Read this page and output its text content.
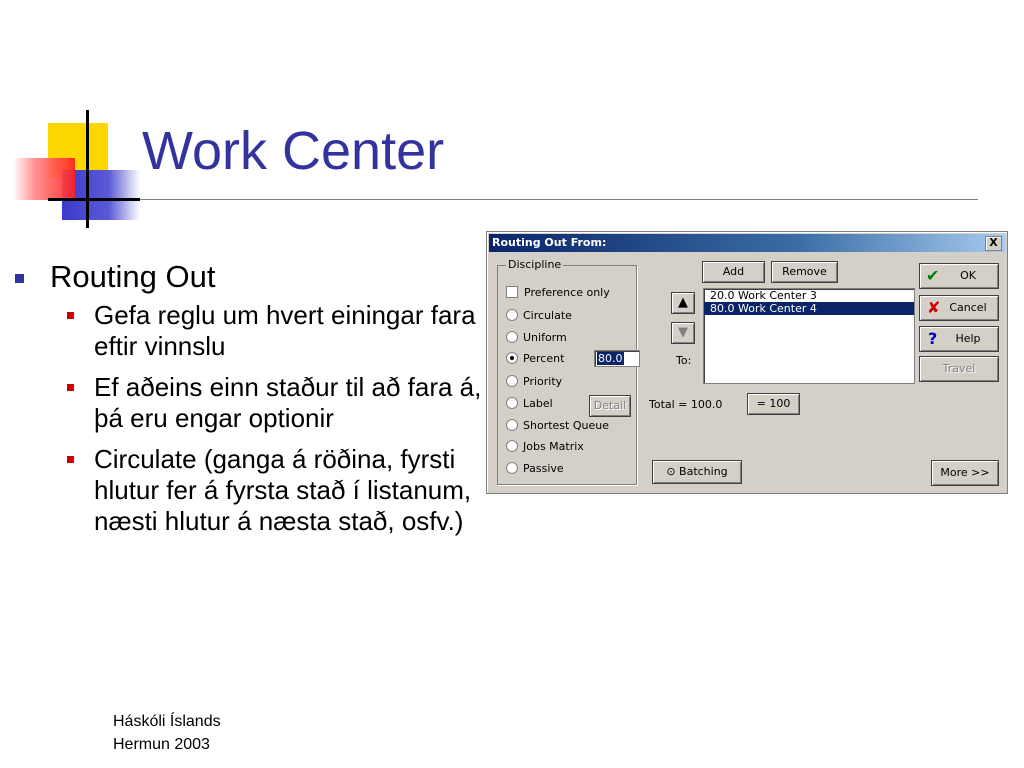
Work Center
Routing Out
Gefa reglu um hvert einingar fara eftir vinnslu
Ef aðeins einn staður til að fara á, þá eru engar optionir
Circulate (ganga á röðina, fyrsti hlutur fer á fyrsta stað í listanum, næsti hlutur á næsta stað, osfv.)
Háskóli Íslands
Hermun 2003
Routing Out From:	X
Discipline
Preference only
Circulate
Uniform
Percent	80.0
Priority
Label	Detail
Shortest Queue
Jobs Matrix
Passive
Add	Remove
▲
▼
To:
20.0 Work Center 3
80.0 Work Center 4
Total = 100.0	= 100
⊙ Batching
✔ OK
✘ Cancel
? Help
Travel
More >>
